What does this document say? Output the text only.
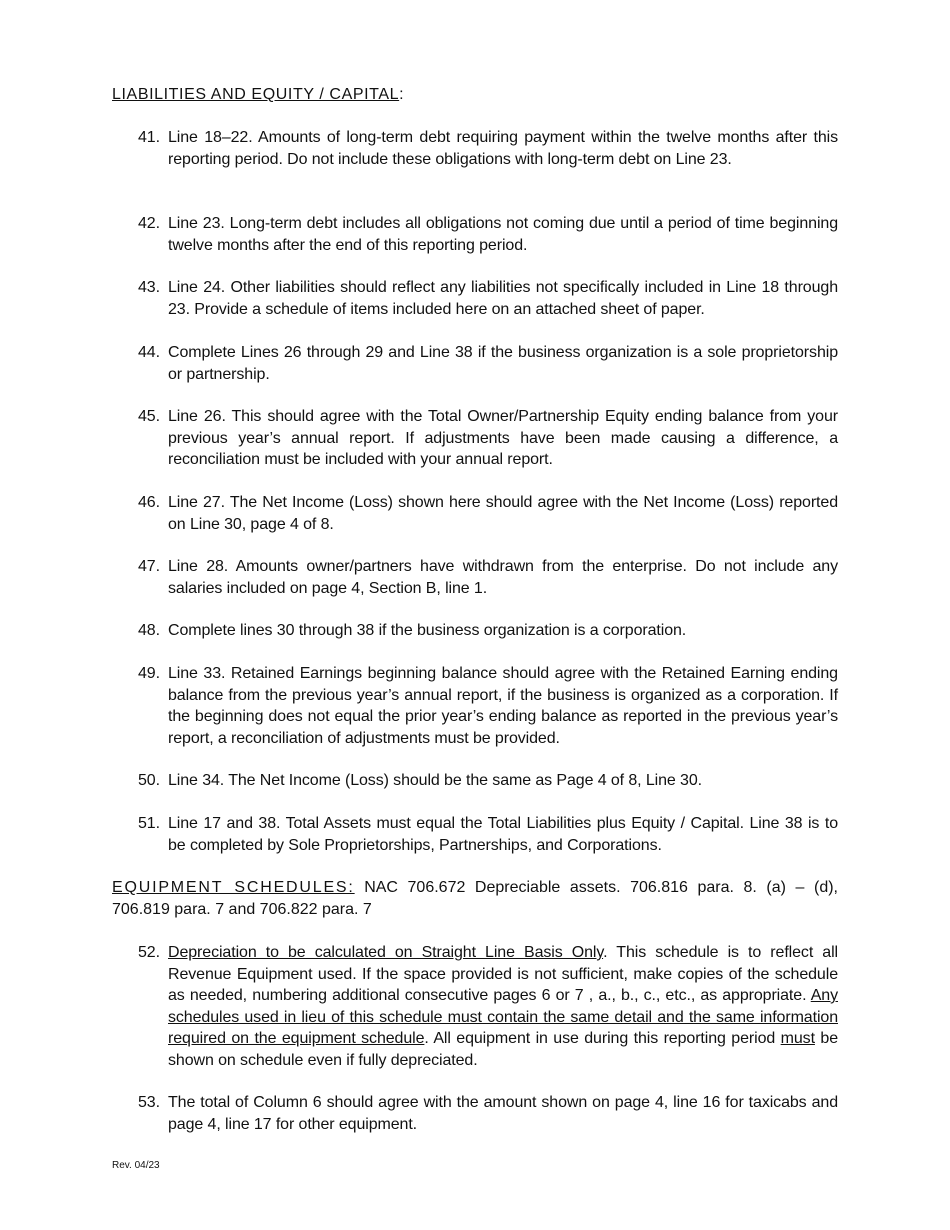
LIABILITIES AND EQUITY / CAPITAL:
41. Line 18–22. Amounts of long-term debt requiring payment within the twelve months after this reporting period. Do not include these obligations with long-term debt on Line 23.
42. Line 23. Long-term debt includes all obligations not coming due until a period of time beginning twelve months after the end of this reporting period.
43. Line 24. Other liabilities should reflect any liabilities not specifically included in Line 18 through 23. Provide a schedule of items included here on an attached sheet of paper.
44. Complete Lines 26 through 29 and Line 38 if the business organization is a sole proprietorship or partnership.
45. Line 26. This should agree with the Total Owner/Partnership Equity ending balance from your previous year’s annual report. If adjustments have been made causing a difference, a reconciliation must be included with your annual report.
46. Line 27. The Net Income (Loss) shown here should agree with the Net Income (Loss) reported on Line 30, page 4 of 8.
47. Line 28. Amounts owner/partners have withdrawn from the enterprise. Do not include any salaries included on page 4, Section B, line 1.
48. Complete lines 30 through 38 if the business organization is a corporation.
49. Line 33. Retained Earnings beginning balance should agree with the Retained Earning ending balance from the previous year’s annual report, if the business is organized as a corporation. If the beginning does not equal the prior year’s ending balance as reported in the previous year’s report, a reconciliation of adjustments must be provided.
50. Line 34. The Net Income (Loss) should be the same as Page 4 of 8, Line 30.
51. Line 17 and 38. Total Assets must equal the Total Liabilities plus Equity / Capital. Line 38 is to be completed by Sole Proprietorships, Partnerships, and Corporations.
EQUIPMENT SCHEDULES: NAC 706.672 Depreciable assets. 706.816 para. 8. (a) – (d), 706.819 para. 7 and 706.822 para. 7
52. Depreciation to be calculated on Straight Line Basis Only. This schedule is to reflect all Revenue Equipment used. If the space provided is not sufficient, make copies of the schedule as needed, numbering additional consecutive pages 6 or 7 , a., b., c., etc., as appropriate. Any schedules used in lieu of this schedule must contain the same detail and the same information required on the equipment schedule. All equipment in use during this reporting period must be shown on schedule even if fully depreciated.
53. The total of Column 6 should agree with the amount shown on page 4, line 16 for taxicabs and page 4, line 17 for other equipment.
Rev. 04/23
